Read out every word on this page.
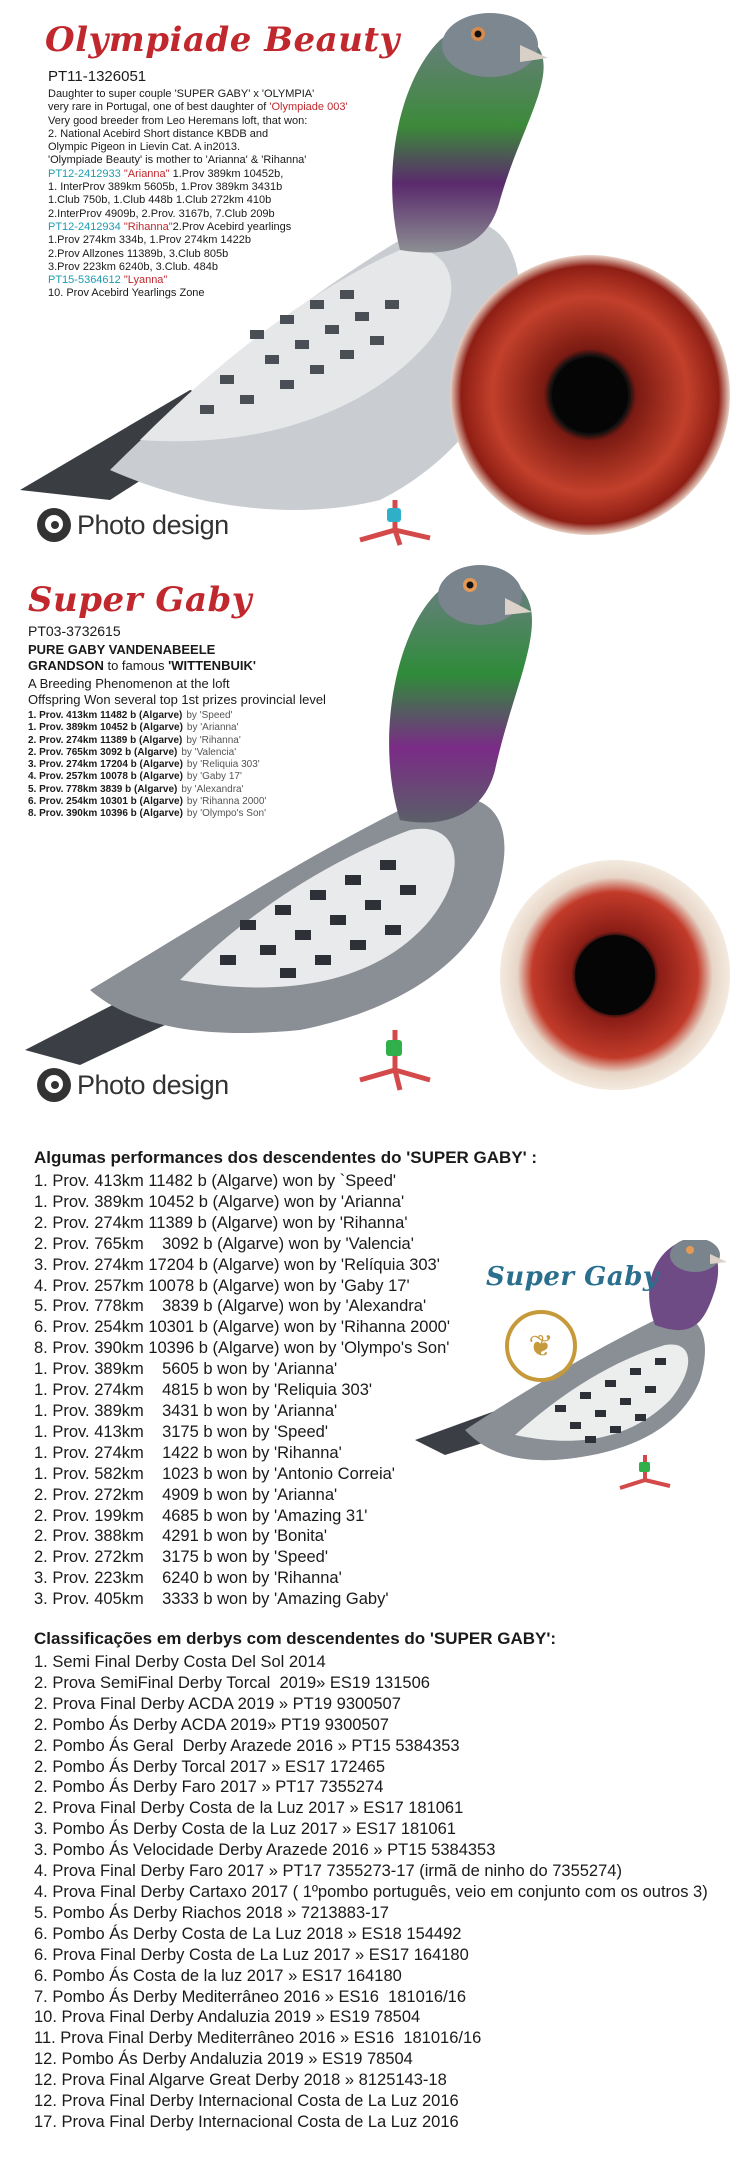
Olympiade Beauty
PT11-1326051
Daughter to super couple 'SUPER GABY' x 'OLYMPIA'
very rare in Portugal, one of best daughter of 'Olympiade 003'
Very good breeder from Leo Heremans loft, that won:
2. National Acebird Short distance KBDB and
Olympic Pigeon in Lievin Cat. A in2013.
'Olympiade Beauty' is mother to 'Arianna' & 'Rihanna'
PT12-2412933 "Arianna" 1.Prov 389km 10452b,
1. InterProv 389km 5605b, 1.Prov 389km 3431b
1.Club 750b, 1.Club 448b 1.Club 272km 410b
2.InterProv 4909b, 2.Prov. 3167b, 7.Club 209b
PT12-2412934 "Rihanna"2.Prov Acebird yearlings
1.Prov 274km 334b, 1.Prov 274km 1422b
2.Prov Allzones 11389b, 3.Club 805b
3.Prov 223km 6240b, 3.Club. 484b
PT15-5364612 "Lyanna"
10. Prov Acebird Yearlings Zone
Photo design
Super Gaby
PT03-3732615
PURE GABY VANDENABEELE
GRANDSON to famous 'WITTENBUIK'
A Breeding Phenomenon at the loft
Offspring Won several top 1st prizes provincial level
1. Prov. 413km 11482 b (Algarve) by 'Speed'
1. Prov. 389km 10452 b (Algarve) by 'Arianna'
2. Prov. 274km 11389 b (Algarve) by 'Rihanna'
2. Prov. 765km 3092 b (Algarve) by 'Valencia'
3. Prov. 274km 17204 b (Algarve) by 'Reliquia 303'
4. Prov. 257km 10078 b (Algarve) by 'Gaby 17'
5. Prov. 778km 3839 b (Algarve) by 'Alexandra'
6. Prov. 254km 10301 b (Algarve) by 'Rihanna 2000'
8. Prov. 390km 10396 b (Algarve) by 'Olympo's Son'
Photo design
❦
Super Gaby
Algumas performances dos descendentes do 'SUPER GABY' :
1. Prov. 413km 11482 b (Algarve) won by `Speed'
1. Prov. 389km 10452 b (Algarve) won by 'Arianna'
2. Prov. 274km 11389 b (Algarve) won by 'Rihanna'
2. Prov. 765km    3092 b (Algarve) won by 'Valencia'
3. Prov. 274km 17204 b (Algarve) won by 'Relíquia 303'
4. Prov. 257km 10078 b (Algarve) won by 'Gaby 17'
5. Prov. 778km    3839 b (Algarve) won by 'Alexandra'
6. Prov. 254km 10301 b (Algarve) won by 'Rihanna 2000'
8. Prov. 390km 10396 b (Algarve) won by 'Olympo's Son'
1. Prov. 389km    5605 b won by 'Arianna'
1. Prov. 274km    4815 b won by 'Reliquia 303'
1. Prov. 389km    3431 b won by 'Arianna'
1. Prov. 413km    3175 b won by 'Speed'
1. Prov. 274km    1422 b won by 'Rihanna'
1. Prov. 582km    1023 b won by 'Antonio Correia'
2. Prov. 272km    4909 b won by 'Arianna'
2. Prov. 199km    4685 b won by 'Amazing 31'
2. Prov. 388km    4291 b won by 'Bonita'
2. Prov. 272km    3175 b won by 'Speed'
3. Prov. 223km    6240 b won by 'Rihanna'
3. Prov. 405km    3333 b won by 'Amazing Gaby'
Classificações em derbys com descendentes do 'SUPER GABY':
1. Semi Final Derby Costa Del Sol 2014
2. Prova SemiFinal Derby Torcal  2019» ES19 131506
2. Prova Final Derby ACDA 2019 » PT19 9300507
2. Pombo Ás Derby ACDA 2019» PT19 9300507
2. Pombo Ás Geral  Derby Arazede 2016 » PT15 5384353
2. Pombo Ás Derby Torcal 2017 » ES17 172465
2. Pombo Ás Derby Faro 2017 » PT17 7355274
2. Prova Final Derby Costa de la Luz 2017 » ES17 181061
3. Pombo Ás Derby Costa de la Luz 2017 » ES17 181061
3. Pombo Ás Velocidade Derby Arazede 2016 » PT15 5384353
4. Prova Final Derby Faro 2017 » PT17 7355273-17 (irmã de ninho do 7355274)
4. Prova Final Derby Cartaxo 2017 ( 1ºpombo português, veio em conjunto com os outros 3)
5. Pombo Ás Derby Riachos 2018 » 7213883-17
6. Pombo Ás Derby Costa de La Luz 2018 » ES18 154492
6. Prova Final Derby Costa de La Luz 2017 » ES17 164180
6. Pombo Ás Costa de la luz 2017 » ES17 164180
7. Pombo Ás Derby Mediterrâneo 2016 » ES16  181016/16
10. Prova Final Derby Andaluzia 2019 » ES19 78504
11. Prova Final Derby Mediterrâneo 2016 » ES16  181016/16
12. Pombo Ás Derby Andaluzia 2019 » ES19 78504
12. Prova Final Algarve Great Derby 2018 » 8125143-18
12. Prova Final Derby Internacional Costa de La Luz 2016
17. Prova Final Derby Internacional Costa de La Luz 2016
